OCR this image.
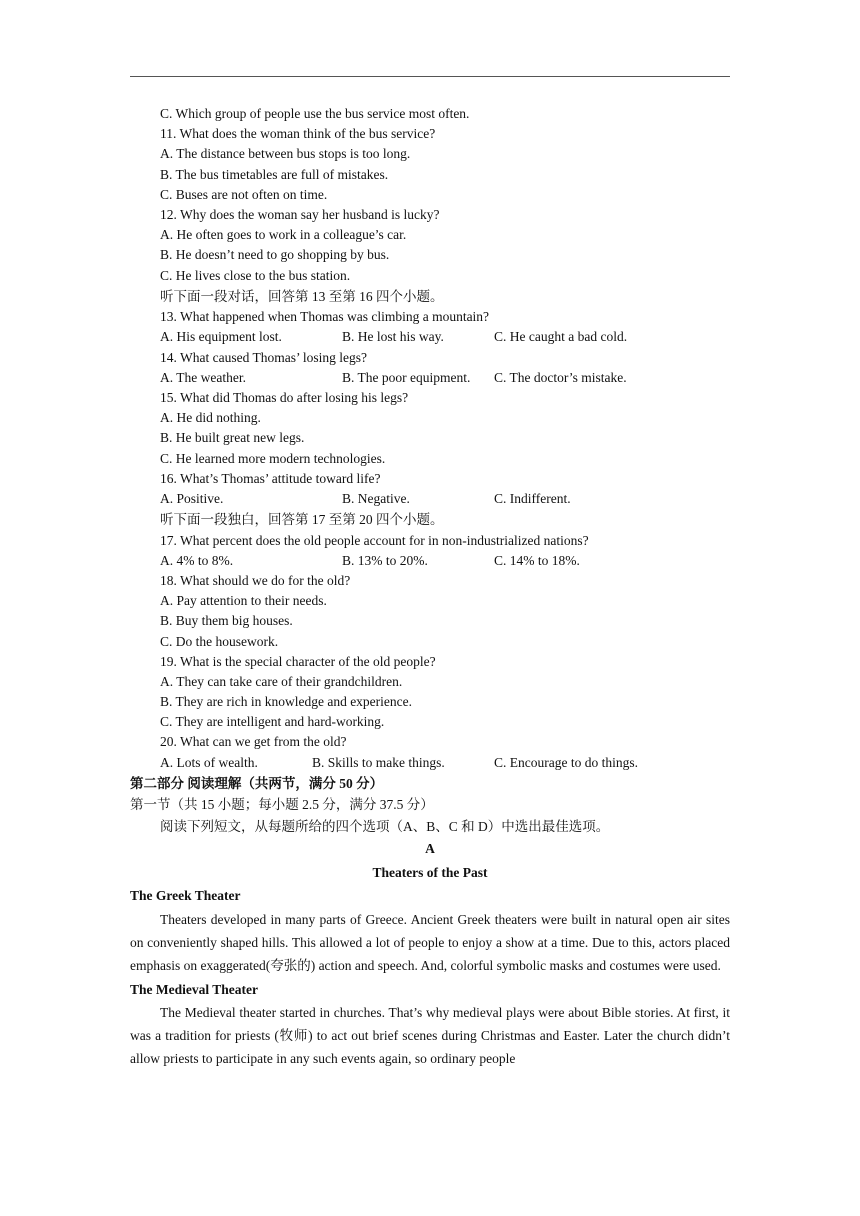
C. Which group of people use the bus service most often.
11. What does the woman think of the bus service?
A. The distance between bus stops is too long.
B. The bus timetables are full of mistakes.
C. Buses are not often on time.
12. Why does the woman say her husband is lucky?
A. He often goes to work in a colleague’s car.
B. He doesn’t need to go shopping by bus.
C. He lives close to the bus station.
听下面一段对话，回答第 13 至第 16 四个小题。
13. What happened when Thomas was climbing a mountain?
A. His equipment lost.	B. He lost his way.	C. He caught a bad cold.
14. What caused Thomas’ losing legs?
A. The weather.	B. The poor equipment. C. The doctor’s mistake.
15. What did Thomas do after losing his legs?
A. He did nothing.
B. He built great new legs.
C. He learned more modern technologies.
16. What’s Thomas’ attitude toward life?
A. Positive.	B. Negative.	C. Indifferent.
听下面一段独白，回答第 17 至第 20 四个小题。
17. What percent does the old people account for in non-industrialized nations?
A. 4% to 8%.	B. 13% to 20%.	C. 14% to 18%.
18. What should we do for the old?
A. Pay attention to their needs.
B. Buy them big houses.
C. Do the housework.
19. What is the special character of the old people?
A. They can take care of their grandchildren.
B. They are rich in knowledge and experience.
C. They are intelligent and hard-working.
20. What can we get from the old?
A. Lots of wealth.	B. Skills to make things.	C. Encourage to do things.
第二部分 阅读理解（共两节，满分 50 分）
第一节（共 15 小题；每小题 2.5 分，满分 37.5 分）
阅读下列短文，从每题所给的四个选项（A、B、C 和 D）中选出最佳选项。
A
Theaters of the Past
The Greek Theater

Theaters developed in many parts of Greece. Ancient Greek theaters were built in natural open air sites on conveniently shaped hills. This allowed a lot of people to enjoy a show at a time. Due to this, actors placed emphasis on exaggerated(夸张的) action and speech. And, colorful symbolic masks and costumes were used.

The Medieval Theater

The Medieval theater started in churches. That’s why medieval plays were about Bible stories. At first, it was a tradition for priests (牧师) to act out brief scenes during Christmas and Easter. Later the church didn’t allow priests to participate in any such events again, so ordinary people
